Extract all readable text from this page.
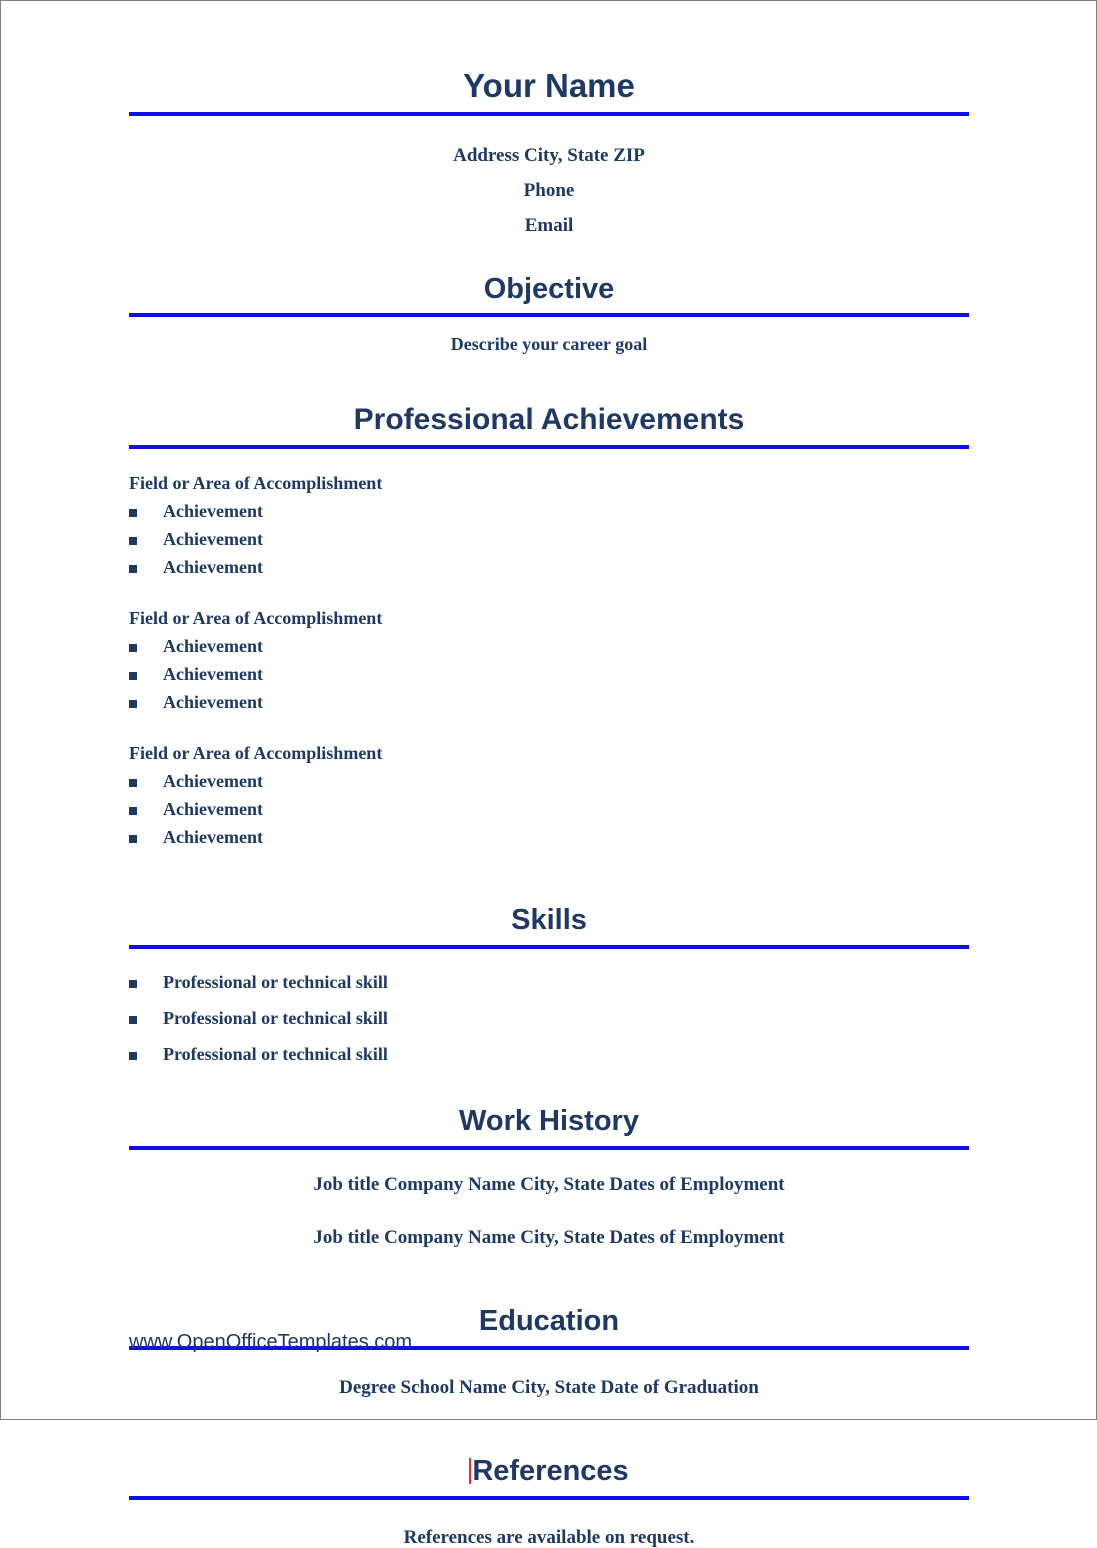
Your Name
Address City, State ZIP
Phone
Email
Objective
Describe your career goal
Professional Achievements
Field or Area of Accomplishment
Achievement
Achievement
Achievement
Field or Area of Accomplishment
Achievement
Achievement
Achievement
Field or Area of Accomplishment
Achievement
Achievement
Achievement
Skills
Professional or technical skill
Professional or technical skill
Professional or technical skill
Work History
Job title Company Name City, State Dates of Employment
Job title Company Name City, State Dates of Employment
Education
Degree School Name City, State Date of Graduation
References
References are available on request.
www.OpenOfficeTemplates.com
